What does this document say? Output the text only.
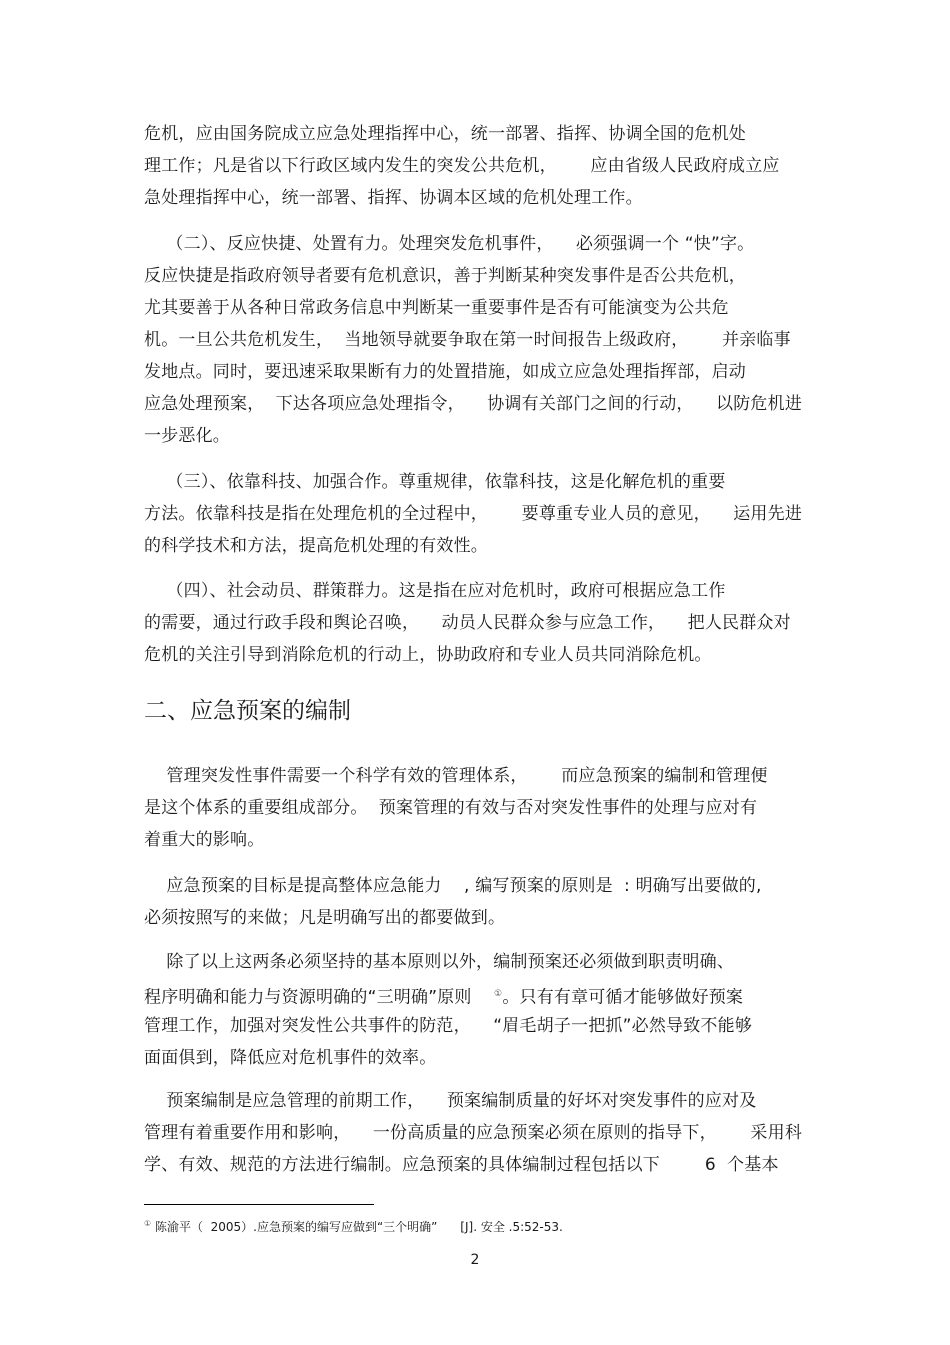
危机，应由国务院成立应急处理指挥中心，统一部署、指挥、协调全国的危机处
理工作；凡是省以下行政区域内发生的突发公共危机，      应由省级人民政府成立应
急处理指挥中心，统一部署、指挥、协调本区域的危机处理工作。
（二）、反应快捷、处置有力。处理突发危机事件，    必须强调一个 “快”字。
反应快捷是指政府领导者要有危机意识，善于判断某种突发事件是否公共危机，
尤其要善于从各种日常政务信息中判断某一重要事件是否有可能演变为公共危
机。一旦公共危机发生，  当地领导就要争取在第一时间报告上级政府，      并亲临事
发地点。同时，要迅速采取果断有力的处置措施，如成立应急处理指挥部，启动
应急处理预案，  下达各项应急处理指令，    协调有关部门之间的行动，    以防危机进
一步恶化。
（三）、依靠科技、加强合作。尊重规律，依靠科技，这是化解危机的重要
方法。依靠科技是指在处理危机的全过程中，      要尊重专业人员的意见，    运用先进
的科学技术和方法，提高危机处理的有效性。
（四）、社会动员、群策群力。这是指在应对危机时，政府可根据应急工作
的需要，通过行政手段和舆论召唤，    动员人民群众参与应急工作，    把人民群众对
危机的关注引导到消除危机的行动上，协助政府和专业人员共同消除危机。
二、应急预案的编制
管理突发性事件需要一个科学有效的管理体系，      而应急预案的编制和管理便
是这个体系的重要组成部分。  预案管理的有效与否对突发性事件的处理与应对有
着重大的影响。
应急预案的目标是提高整体应急能力    , 编写预案的原则是  : 明确写出要做的,
必须按照写的来做；凡是明确写出的都要做到。
除了以上这两条必须坚持的基本原则以外，编制预案还必须做到职责明确、
程序明确和能力与资源明确的“三明确”原则    ①。只有有章可循才能够做好预案
管理工作，加强对突发性公共事件的防范，    “眉毛胡子一把抓”必然导致不能够
面面俱到，降低应对危机事件的效率。
预案编制是应急管理的前期工作，    预案编制质量的好坏对突发事件的应对及
管理有着重要作用和影响，    一份高质量的应急预案必须在原则的指导下，      采用科
学、有效、规范的方法进行编制。应急预案的具体编制过程包括以下        6  个基本
① 陈渝平（  2005）.应急预案的编写应做到“三个明确”      [J]. 安全 .5:52-53.
2
